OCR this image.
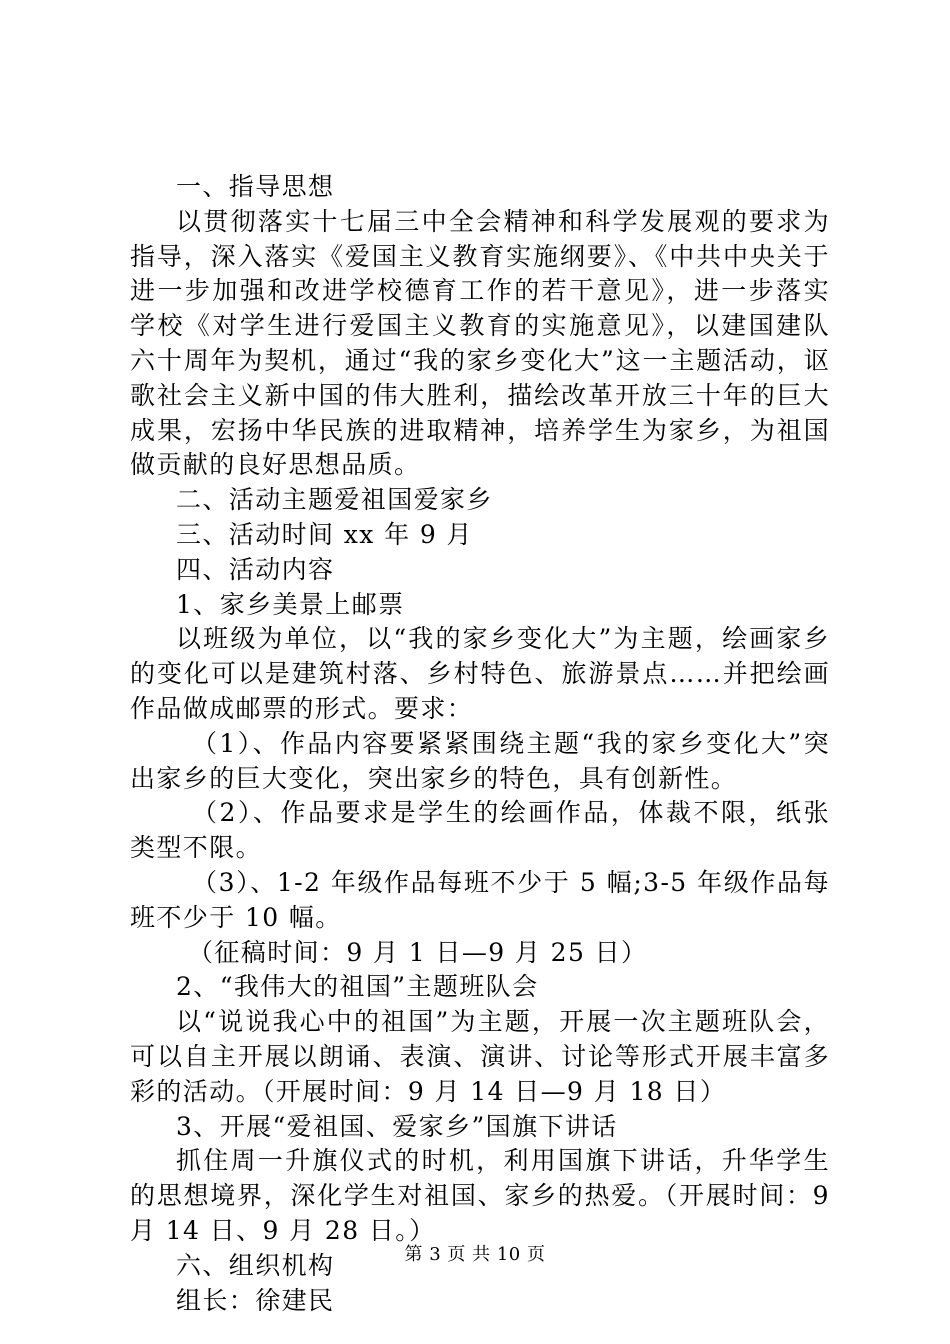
一、指导思想
以贯彻落实十七届三中全会精神和科学发展观的要求为指导，深入落实《爱国主义教育实施纲要》、《中共中央关于进一步加强和改进学校德育工作的若干意见》，进一步落实学校《对学生进行爱国主义教育的实施意见》，以建国建队六十周年为契机，通过“我的家乡变化大”这一主题活动，讴歌社会主义新中国的伟大胜利，描绘改革开放三十年的巨大成果，宏扬中华民族的进取精神，培养学生为家乡，为祖国做贡献的良好思想品质。
二、活动主题爱祖国爱家乡
三、活动时间 xx 年 9 月
四、活动内容
1、家乡美景上邮票
以班级为单位，以“我的家乡变化大”为主题，绘画家乡的变化可以是建筑村落、乡村特色、旅游景点……并把绘画作品做成邮票的形式。要求：
（1）、作品内容要紧紧围绕主题“我的家乡变化大”突出家乡的巨大变化，突出家乡的特色，具有创新性。
（2）、作品要求是学生的绘画作品，体裁不限，纸张类型不限。
（3）、1-2 年级作品每班不少于 5 幅;3-5 年级作品每班不少于 10 幅。
（征稿时间：9 月 1 日—9 月 25 日）
2、“我伟大的祖国”主题班队会
以“说说我心中的祖国”为主题，开展一次主题班队会，可以自主开展以朗诵、表演、演讲、讨论等形式开展丰富多彩的活动。（开展时间：9 月 14 日—9 月 18 日）
3、开展“爱祖国、爱家乡”国旗下讲话
抓住周一升旗仪式的时机，利用国旗下讲话，升华学生的思想境界，深化学生对祖国、家乡的热爱。（开展时间：9 月 14 日、9 月 28 日。）
六、组织机构
组长：徐建民
第 3 页 共 10 页
